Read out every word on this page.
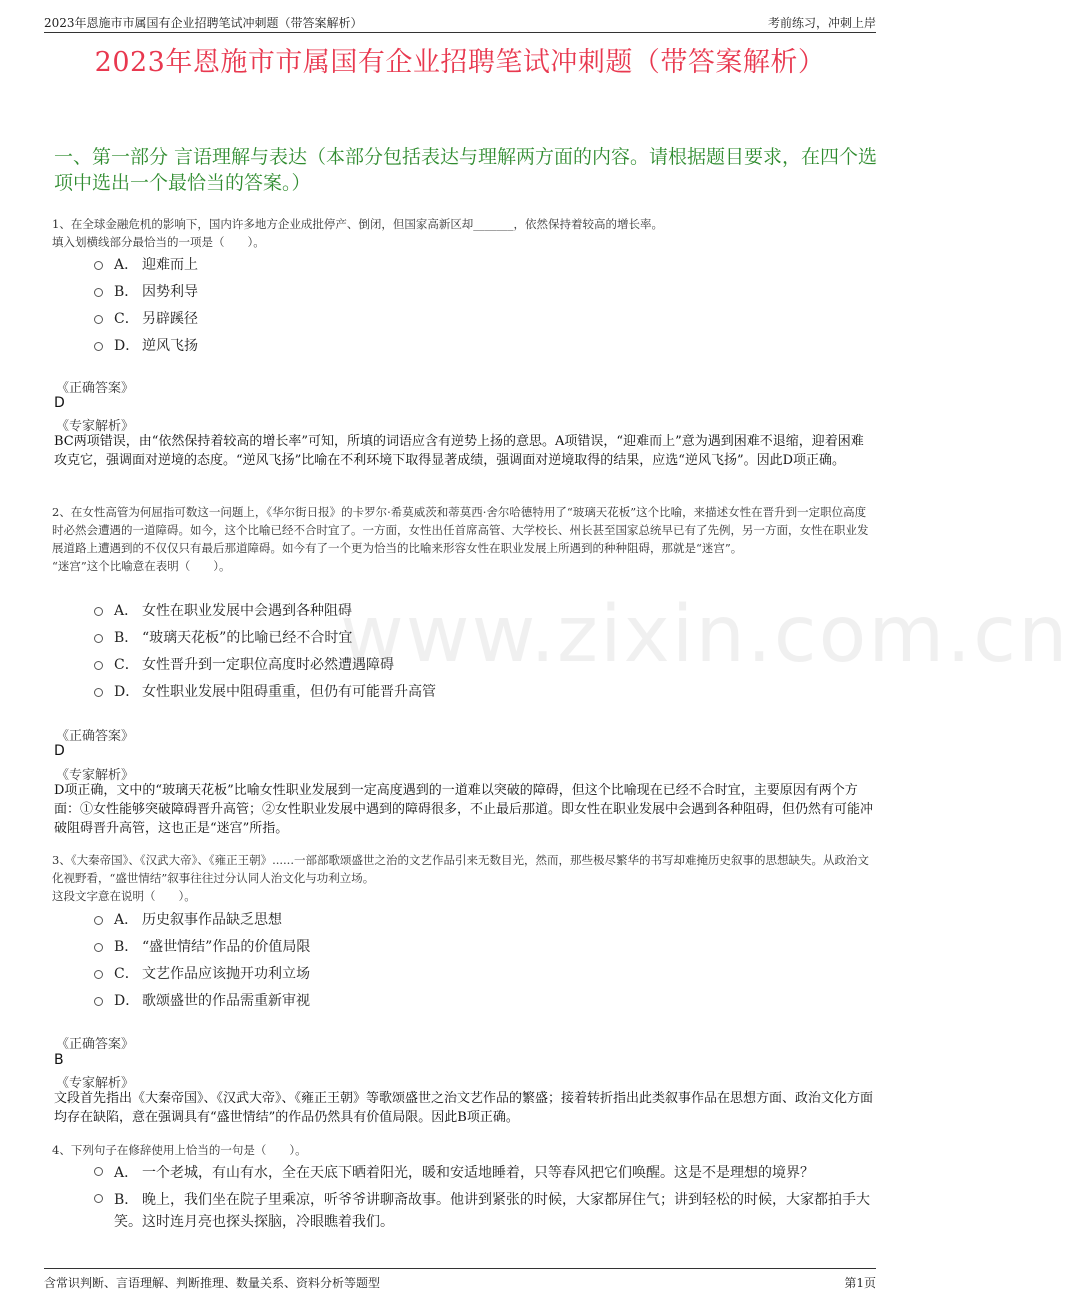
2023年恩施市市属国有企业招聘笔试冲刺题（带答案解析）	考前练习，冲刺上岸
2023年恩施市市属国有企业招聘笔试冲刺题（带答案解析）
一、第一部分 言语理解与表达（本部分包括表达与理解两方面的内容。请根据题目要求，在四个选项中选出一个最恰当的答案。）
www.zixin.com.cn
1、在全球金融危机的影响下，国内许多地方企业成批停产、倒闭，但国家高新区却_______，依然保持着较高的增长率。
填入划横线部分最恰当的一项是（　　）。
A． 迎难而上
B． 因势利导
C． 另辟蹊径
D． 逆风飞扬
《正确答案》
D
《专家解析》
BC两项错误，由“依然保持着较高的增长率”可知，所填的词语应含有逆势上扬的意思。A项错误，“迎难而上”意为遇到困难不退缩，迎着困难攻克它，强调面对逆境的态度。“逆风飞扬”比喻在不利环境下取得显著成绩，强调面对逆境取得的结果，应选“逆风飞扬”。因此D项正确。
2、在女性高管为何屈指可数这一问题上，《华尔街日报》的卡罗尔·希莫威茨和蒂莫西·舍尔哈德特用了“玻璃天花板”这个比喻，来描述女性在晋升到一定职位高度时必然会遭遇的一道障碍。如今，这个比喻已经不合时宜了。一方面，女性出任首席高管、大学校长、州长甚至国家总统早已有了先例，另一方面，女性在职业发展道路上遭遇到的不仅仅只有最后那道障碍。如今有了一个更为恰当的比喻来形容女性在职业发展上所遇到的种种阻碍，那就是“迷宫”。
“迷宫”这个比喻意在表明（　　）。
A． 女性在职业发展中会遇到各种阻碍
B． “玻璃天花板”的比喻已经不合时宜
C． 女性晋升到一定职位高度时必然遭遇障碍
D． 女性职业发展中阻碍重重，但仍有可能晋升高管
《正确答案》
D
《专家解析》
D项正确，文中的“玻璃天花板”比喻女性职业发展到一定高度遇到的一道难以突破的障碍，但这个比喻现在已经不合时宜，主要原因有两个方面：①女性能够突破障碍晋升高管；②女性职业发展中遇到的障碍很多，不止最后那道。即女性在职业发展中会遇到各种阻碍，但仍然有可能冲破阻碍晋升高管，这也正是“迷宫”所指。
3、《大秦帝国》、《汉武大帝》、《雍正王朝》......一部部歌颂盛世之治的文艺作品引来无数目光，然而，那些极尽繁华的书写却难掩历史叙事的思想缺失。从政治文化视野看，“盛世情结”叙事往往过分认同人治文化与功利立场。
这段文字意在说明（　　）。
A． 历史叙事作品缺乏思想
B． “盛世情结”作品的价值局限
C． 文艺作品应该抛开功利立场
D． 歌颂盛世的作品需重新审视
《正确答案》
B
《专家解析》
文段首先指出《大秦帝国》、《汉武大帝》、《雍正王朝》等歌颂盛世之治文艺作品的繁盛；接着转折指出此类叙事作品在思想方面、政治文化方面均存在缺陷，意在强调具有“盛世情结”的作品仍然具有价值局限。因此B项正确。
4、下列句子在修辞使用上恰当的一句是（　　）。
A． 一个老城，有山有水，全在天底下晒着阳光，暖和安适地睡着，只等春风把它们唤醒。这是不是理想的境界？
B． 晚上，我们坐在院子里乘凉，听爷爷讲聊斋故事。他讲到紧张的时候，大家都屏住气；讲到轻松的时候，大家都拍手大笑。这时连月亮也探头探脑，冷眼瞧着我们。
含常识判断、言语理解、判断推理、数量关系、资料分析等题型	第1页
